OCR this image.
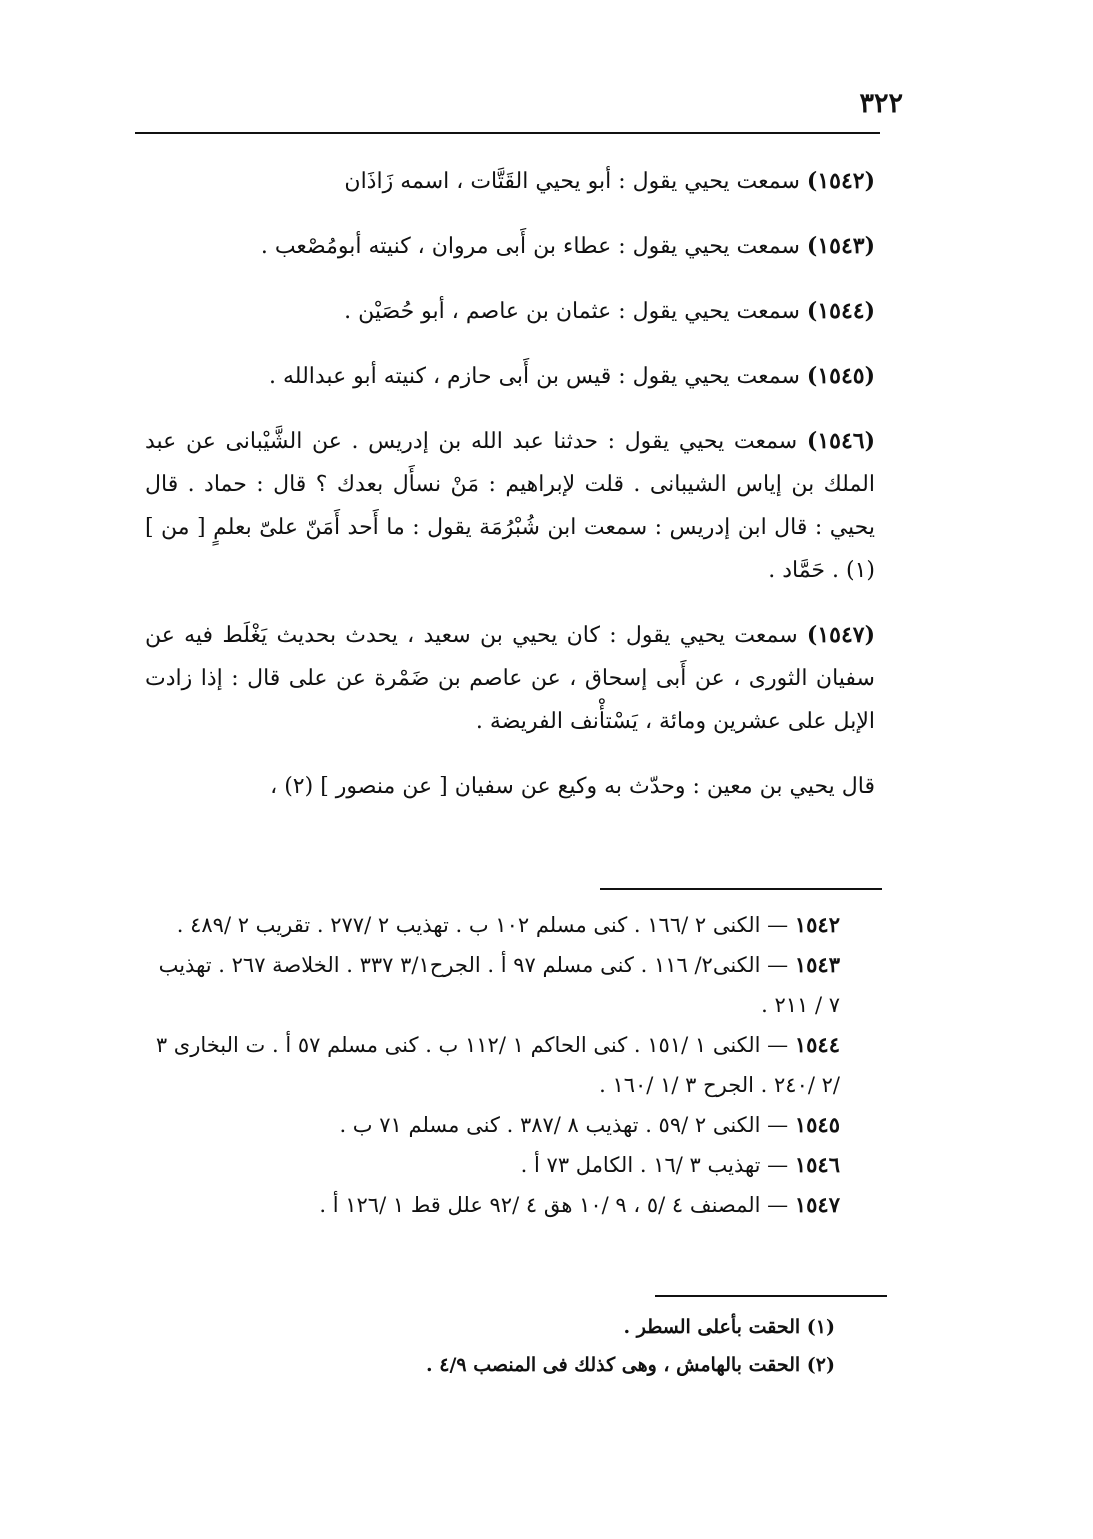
٣٢٢

(١٥٤٢) سمعت يحيي يقول : أبو يحيي القَتَّات ، اسمه زَاذَان

(١٥٤٣) سمعت يحيي يقول : عطاء بن أَبى مروان ، كنيته أبومُصْعب .

(١٥٤٤) سمعت يحيي يقول : عثمان بن عاصم ، أبو حُصَيْن .

(١٥٤٥) سمعت يحيي يقول : قيس بن أَبى حازم ، كنيته أبو عبدالله .

(١٥٤٦) سمعت يحيي يقول : حدثنا عبد الله بن إدريس . عن الشَّيْبانى عن عبد الملك بن إياس الشيبانى . قلت لإبراهيم : مَنْ نسأَل بعدك ؟ قال : حماد . قال يحيي : قال ابن إدريس : سمعت ابن شُبْرُمَة يقول : ما أَحد أَمَنّ علىّ بعلمٍ [ من ] (١) . حَمَّاد .

(١٥٤٧) سمعت يحيي يقول : كان يحيي بن سعيد ، يحدث بحديث يَغْلَط فيه عن سفيان الثورى ، عن أَبى إسحاق ، عن عاصم بن ضَمْرة عن على قال : إذا زادت الإبل على عشرين ومائة ، يَسْتأْنف الفريضة .

قال يحيي بن معين : وحدّث به وكيع عن سفيان [ عن منصور ] (٢) ،

١٥٤٢ — الكنى ٢ /١٦٦ . كنى مسلم ١٠٢ ب . تهذيب ٢ /٢٧٧ . تقريب ٢ /٤٨٩ .

١٥٤٣ — الكنى٢/ ١١٦ . كنى مسلم ٩٧ أ . الجرح٣/١ ٣٣٧ . الخلاصة ٢٦٧ . تهذيب ٧ / ٢١١ .

١٥٤٤ — الكنى ١ /١٥١ . كنى الحاكم ١ /١١٢ ب . كنى مسلم ٥٧ أ . ت البخارى ٣ /٢ /٢٤٠ . الجرح ٣ /١ /١٦٠ .

١٥٤٥ — الكنى ٢ /٥٩ . تهذيب ٨ /٣٨٧ . كنى مسلم ٧١ ب .

١٥٤٦ — تهذيب ٣ /١٦ . الكامل ٧٣ أ .

١٥٤٧ — المصنف ٤ /٥ ، ٩ /١٠ هق ٤ /٩٢ علل قط ١ /١٢٦ أ .

(١) الحقت بأعلى السطر .

(٢) الحقت بالهامش ، وهى كذلك فى المنصب ٤/٩ .
